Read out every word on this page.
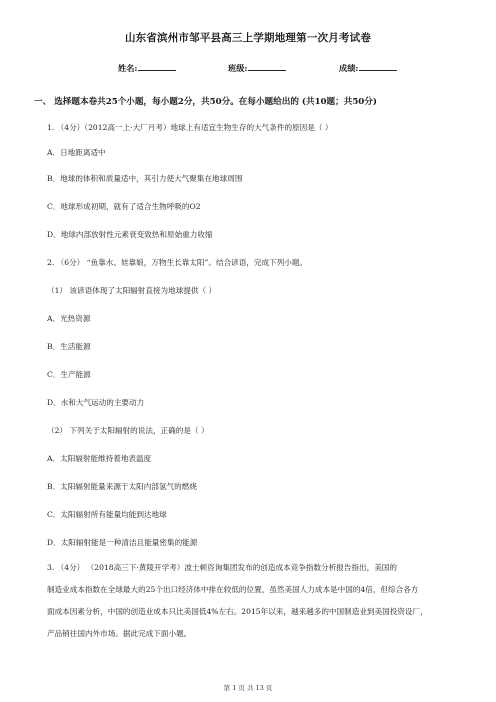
山东省滨州市邹平县高三上学期地理第一次月考试卷
姓名:	班级:	成绩:
一、 选择题本卷共25个小题，每小题2分，共50分。在每小题给出的 (共10题；共50分)
1. （4分）（2012高一上·大厂月考）地球上有适宜生物生存的大气条件的原因是（ ）
A．日地距离适中
B．地球的体积和质量适中，其引力使大气聚集在地球周围
C．地球形成初期，就有了适合生物呼吸的O2
D．地球内部放射性元素衰变致热和原始重力收缩
2. （6分） “鱼靠水、娃靠娘，万物生长靠太阳”。结合谚语，完成下列小题。
（1） 该谚语体现了太阳辐射直接为地球提供（ ）
A．光热资源
B．生活能源
C．生产能源
D．水和大气运动的主要动力
（2） 下列关于太阳辐射的说法，正确的是（ ）
A．太阳辐射能维持着地表温度
B．太阳辐射能量来源于太阳内部氢气的燃烧
C．太阳辐射所有能量均能到达地球
D．太阳辐射能是一种清洁且能量密集的能源
3. （4分） （2018高三下·黄陵开学考）波士顿咨询集团发布的创造成本竞争指数分析报告指出，美国的
制造业成本指数在全球最大的25个出口经济体中排在较低的位置，虽然美国人力成本是中国的4倍，但综合各方
面成本因素分析，中国的创造业成本只比美国低4%左右。2015年以来，越来越多的中国制造业到美国投资设厂，
产品销往国内外市场。据此完成下面小题。
第 1 页 共 13 页
